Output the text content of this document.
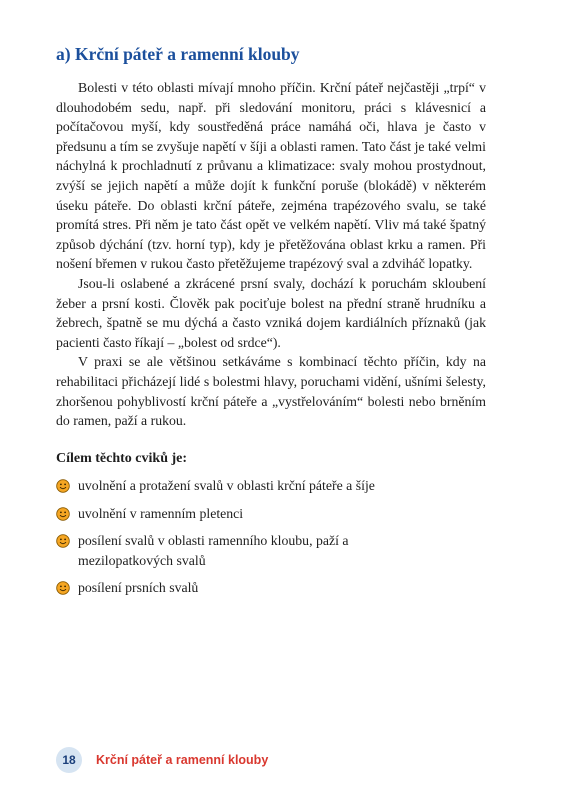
a) Krční páteř a ramenní klouby

Bolesti v této oblasti mívají mnoho příčin. Krční páteř nejčastěji „trpí“ v dlouhodobém sedu, např. při sledování monitoru, práci s klávesnicí a počítačovou myší, kdy soustředěná práce namáhá oči, hlava je často v předsunu a tím se zvyšuje napětí v šíji a oblasti ramen. Tato část je také velmi náchylná k prochladnutí z průvanu a klimatizace: svaly mohou prostydnout, zvýší se jejich napětí a může dojít k funkční poruše (blokádě) v některém úseku páteře. Do oblasti krční páteře, zejména trapézového svalu, se také promítá stres. Při něm je tato část opět ve velkém napětí. Vliv má také špatný způsob dýchání (tzv. horní typ), kdy je přetěžována oblast krku a ramen. Při nošení břemen v rukou často přetěžujeme trapézový sval a zdviháč lopatky.

Jsou-li oslabené a zkrácené prsní svaly, dochází k poruchám skloubení žeber a prsní kosti. Člověk pak pociťuje bolest na přední straně hrudníku a žebrech, špatně se mu dýchá a často vzniká dojem kardiálních příznaků (jak pacienti často říkají – „bolest od srdce“).

V praxi se ale většinou setkáváme s kombinací těchto příčin, kdy na rehabilitaci přicházejí lidé s bolestmi hlavy, poruchami vidění, ušními šelesty, zhoršenou pohyblivostí krční páteře a „vystřelováním“ bolesti nebo brněním do ramen, paží a rukou.

Cílem těchto cviků je:
uvolnění a protažení svalů v oblasti krční páteře a šíje
uvolnění v ramenním pletenci
posílení svalů v oblasti ramenního kloubu, paží a mezilopatkových svalů
posílení prsních svalů
18	Krční páteř a ramenní klouby
